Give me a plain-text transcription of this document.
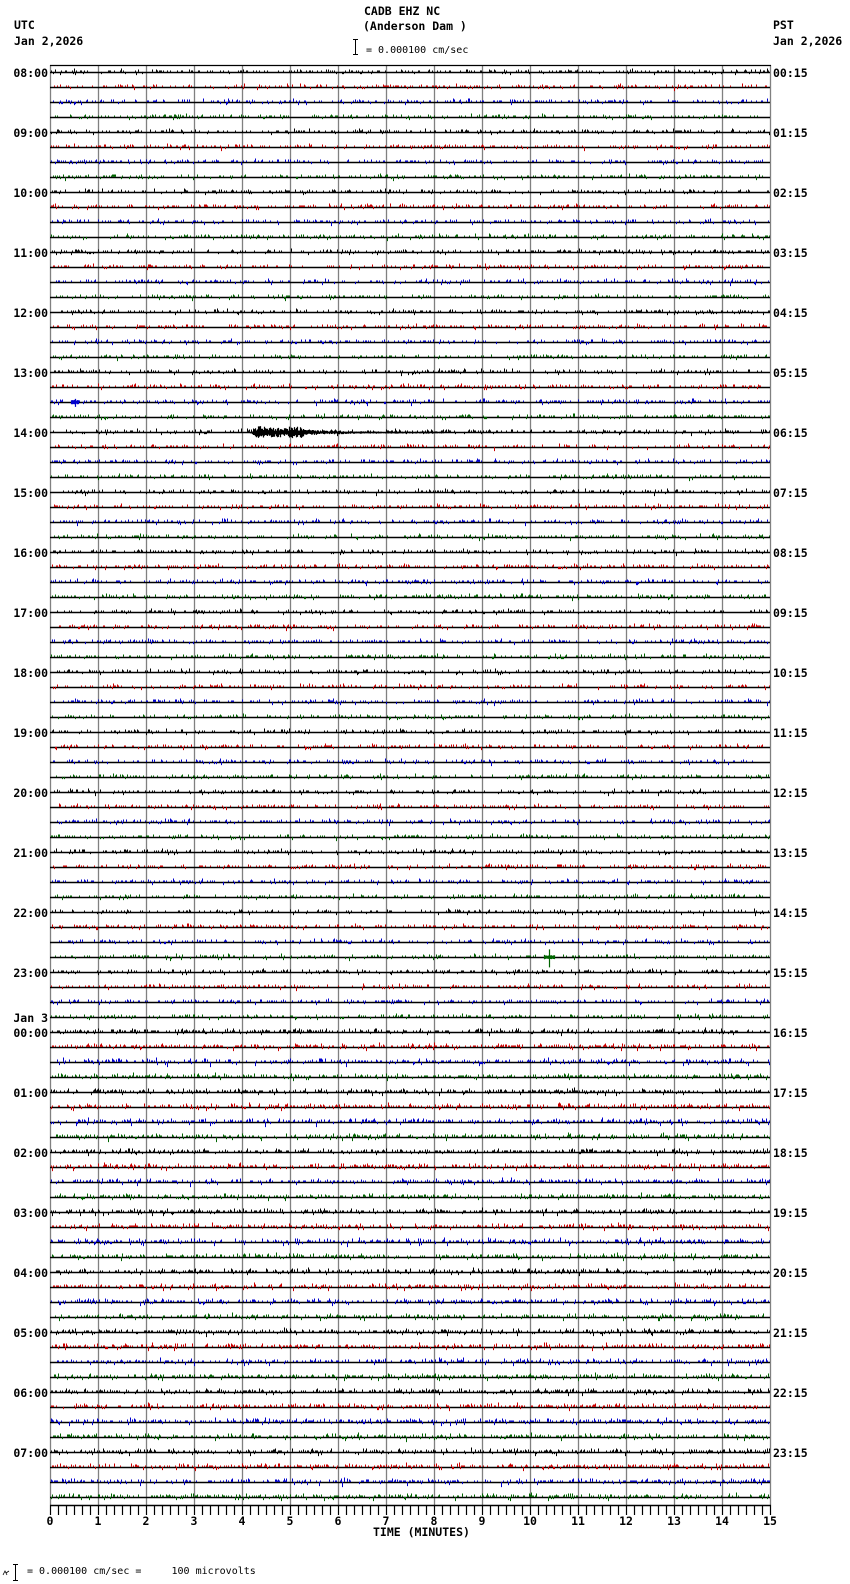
CADB EHZ NC
(Anderson Dam )
UTC
Jan 2,2026
PST
Jan 2,2026
= 0.000100 cm/sec
08:00
09:00
10:00
11:00
12:00
13:00
14:00
15:00
16:00
17:00
18:00
19:00
20:00
21:00
22:00
23:00
00:00
01:00
02:00
03:00
04:00
05:00
06:00
07:00
00:15
01:15
02:15
03:15
04:15
05:15
06:15
07:15
08:15
09:15
10:15
11:15
12:15
13:15
14:15
15:15
16:15
17:15
18:15
19:15
20:15
21:15
22:15
23:15
Jan 3
0	1	2	3	4	5	6	7	8	9	10	11	12	13	14	15
TIME (MINUTES)
= 0.000100 cm/sec =     100 microvolts
